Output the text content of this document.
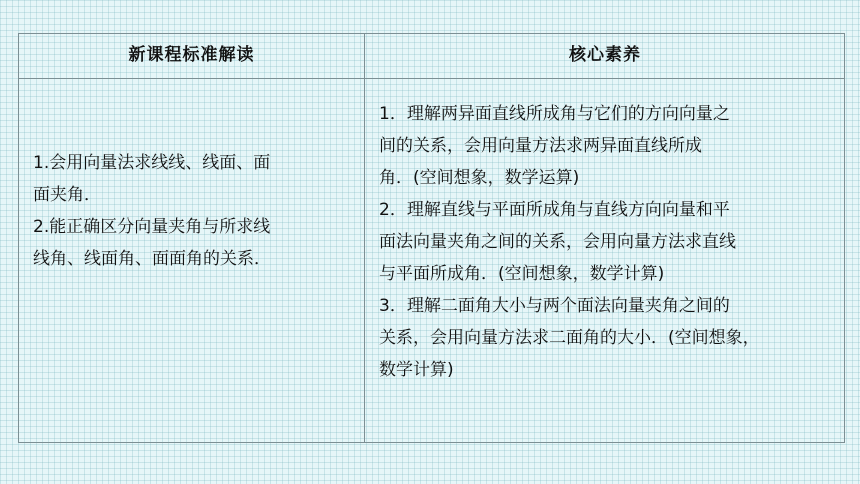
新课程标准解读	核心素养

1.会用向量法求线线、线面、面
面夹角．

2.能正确区分向量夹角与所求线
线角、线面角、面面角的关系．

1．理解两异面直线所成角与它们的方向向量之
间的关系，会用向量方法求两异面直线所成
角．(空间想象，数学运算)

2．理解直线与平面所成角与直线方向向量和平
面法向量夹角之间的关系，会用向量方法求直线
与平面所成角．(空间想象，数学计算)

3．理解二面角大小与两个面法向量夹角之间的
关系，会用向量方法求二面角的大小．(空间想象，
数学计算)
